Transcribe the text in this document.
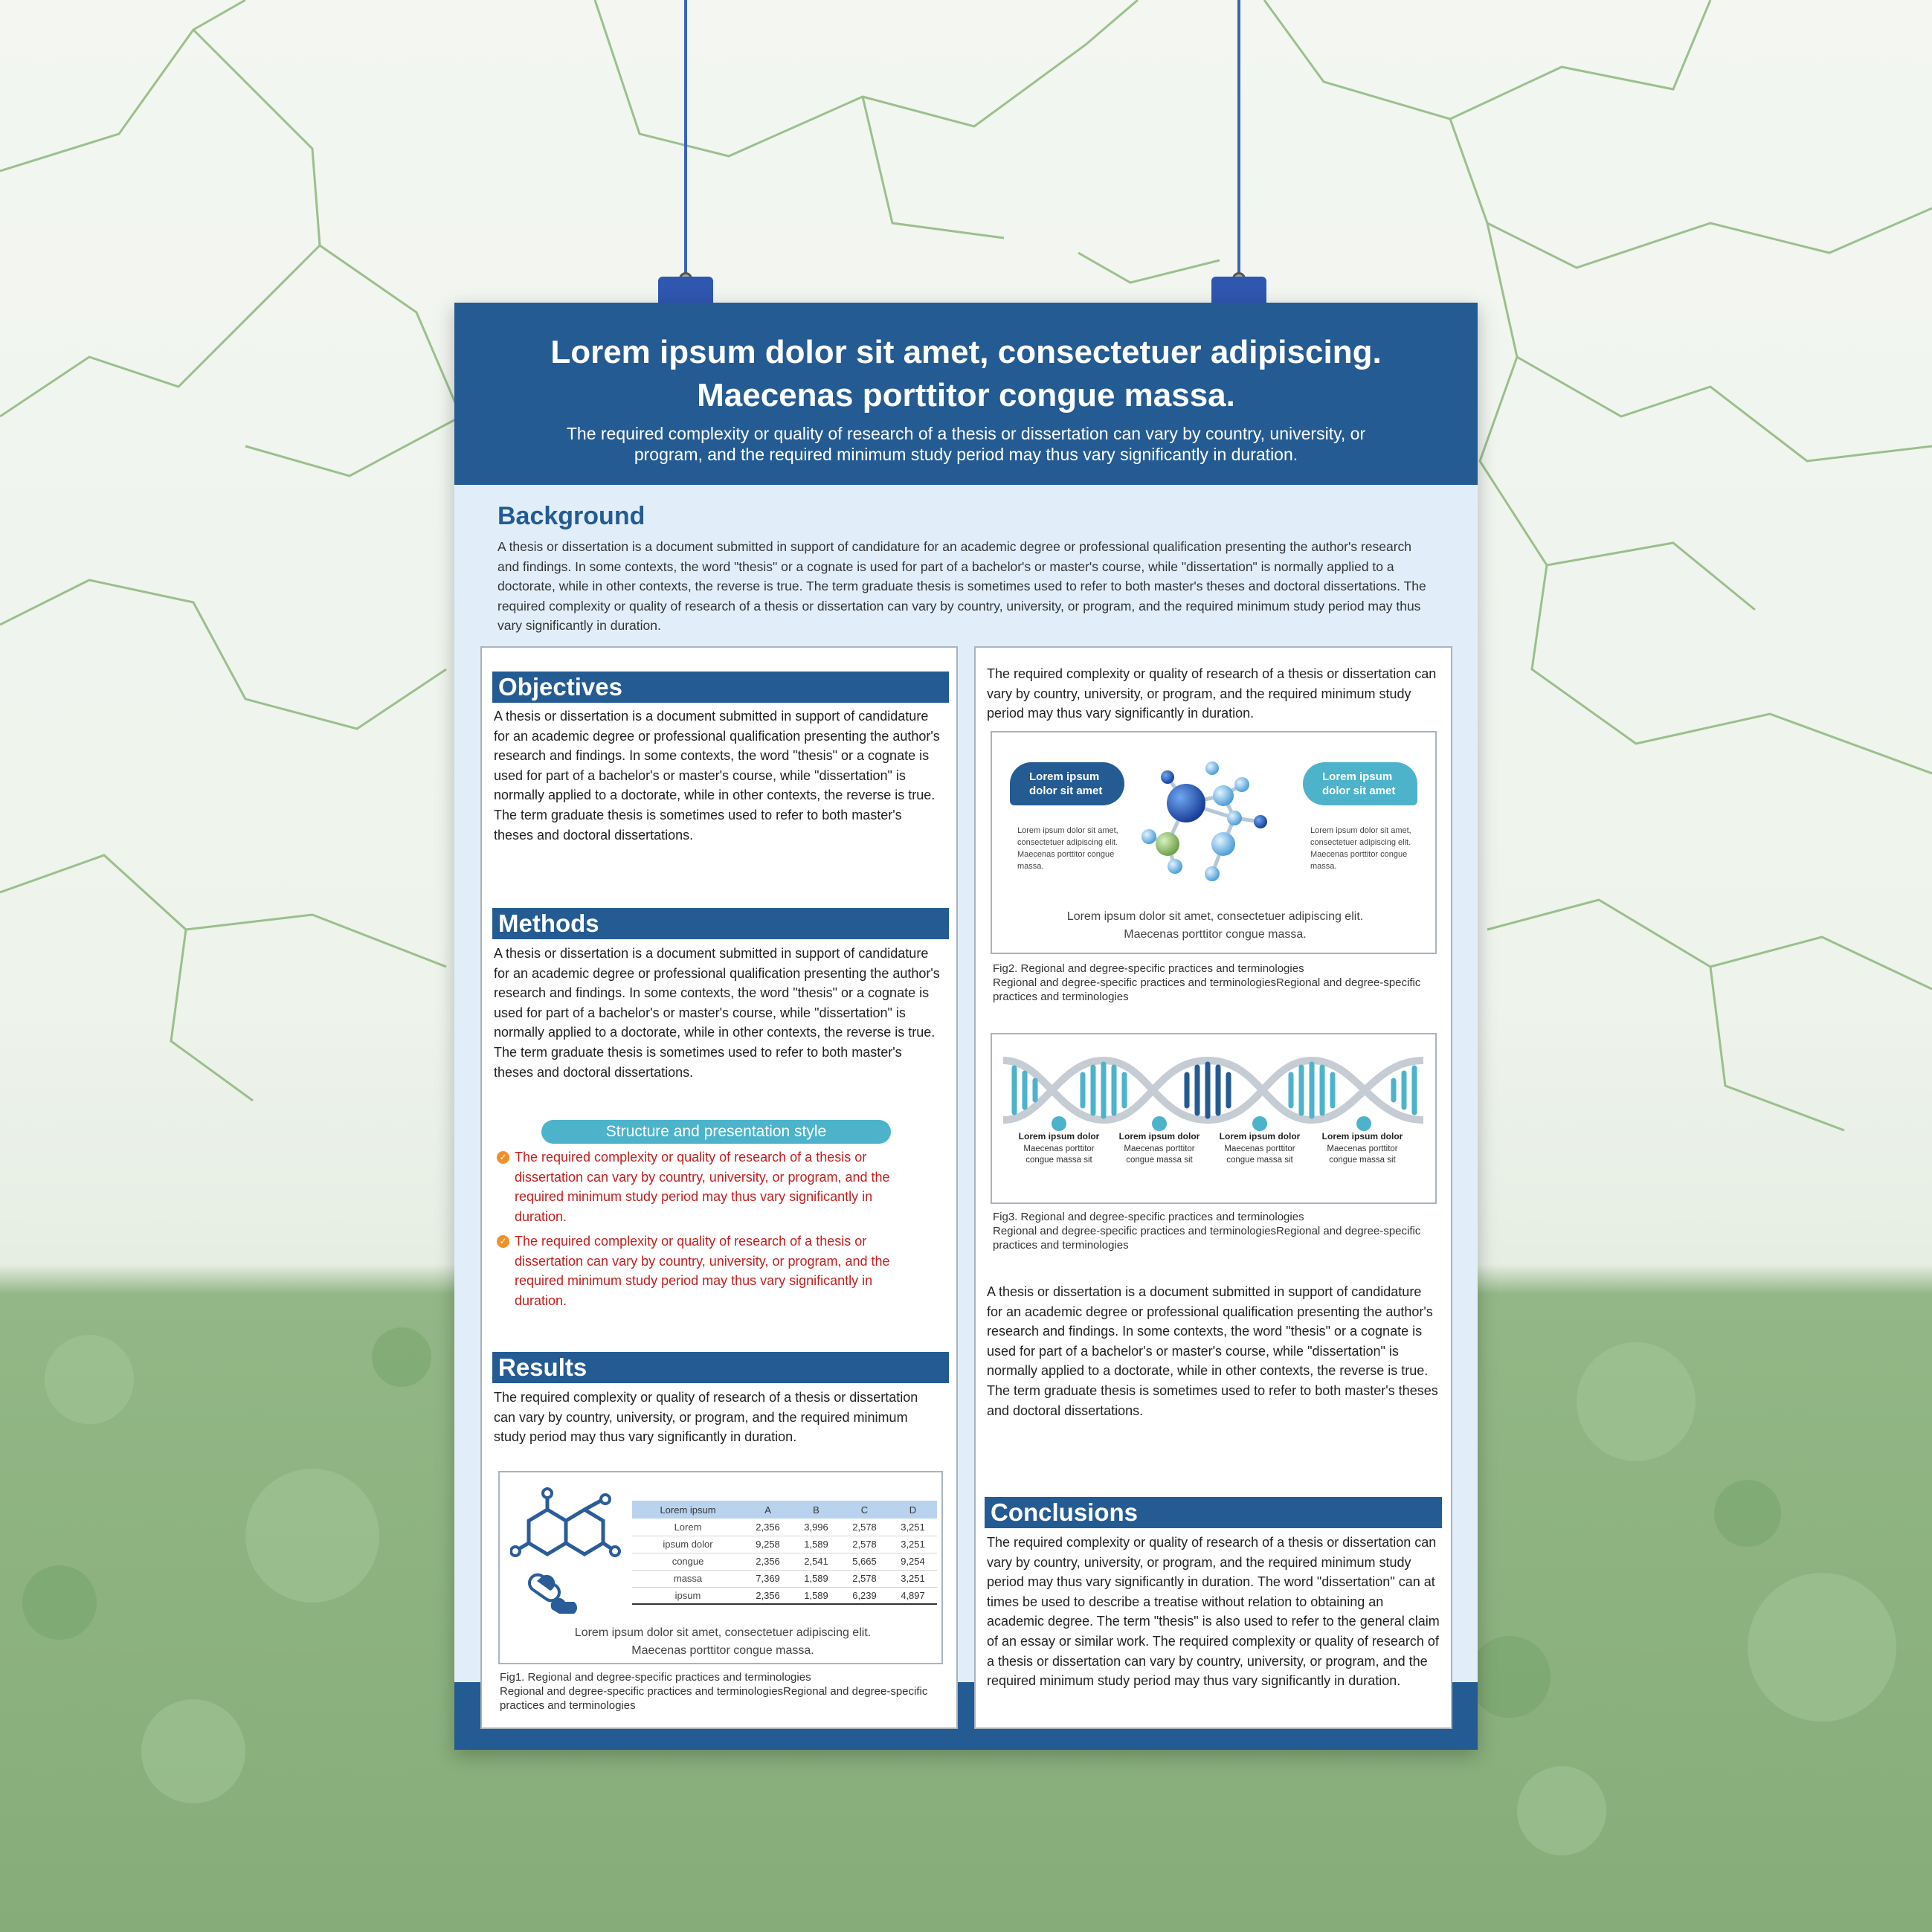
Lorem ipsum dolor sit amet, consectetuer adipiscing. Maecenas porttitor congue massa.
The required complexity or quality of research of a thesis or dissertation can vary by country, university, or program, and the required minimum study period may thus vary significantly in duration.
Background
A thesis or dissertation is a document submitted in support of candidature for an academic degree or professional qualification presenting the author's research and findings. In some contexts, the word "thesis" or a cognate is used for part of a bachelor's or master's course, while "dissertation" is normally applied to a doctorate, while in other contexts, the reverse is true. The term graduate thesis is sometimes used to refer to both master's theses and doctoral dissertations. The required complexity or quality of research of a thesis or dissertation can vary by country, university, or program, and the required minimum study period may thus vary significantly in duration.
Objectives
A thesis or dissertation is a document submitted in support of candidature for an academic degree or professional qualification presenting the author's research and findings. In some contexts, the word "thesis" or a cognate is used for part of a bachelor's or master's course, while "dissertation" is normally applied to a doctorate, while in other contexts, the reverse is true. The term graduate thesis is sometimes used to refer to both master's theses and doctoral dissertations.
Methods
A thesis or dissertation is a document submitted in support of candidature for an academic degree or professional qualification presenting the author's research and findings. In some contexts, the word "thesis" or a cognate is used for part of a bachelor's or master's course, while "dissertation" is normally applied to a doctorate, while in other contexts, the reverse is true. The term graduate thesis is sometimes used to refer to both master's theses and doctoral dissertations.
Structure and presentation style
✓ The required complexity or quality of research of a thesis or dissertation can vary by country, university, or program, and the required minimum study period may thus vary significantly in duration.
✓ The required complexity or quality of research of a thesis or dissertation can vary by country, university, or program, and the required minimum study period may thus vary significantly in duration.
Results
The required complexity or quality of research of a thesis or dissertation can vary by country, university, or program, and the required minimum study period may thus vary significantly in duration.
Lorem ipsum	A	B	C	D
Lorem	2,356	3,996	2,578	3,251
ipsum dolor	9,258	1,589	2,578	3,251
congue	2,356	2,541	5,665	9,254
massa	7,369	1,589	2,578	3,251
ipsum	2,356	1,589	6,239	4,897
Lorem ipsum dolor sit amet, consectetuer adipiscing elit. Maecenas porttitor congue massa.
Fig1. Regional and degree-specific practices and terminologies
Regional and degree-specific practices and terminologiesRegional and degree-specific practices and terminologies
The required complexity or quality of research of a thesis or dissertation can vary by country, university, or program, and the required minimum study period may thus vary significantly in duration.
Lorem ipsum dolor sit amet
Lorem ipsum dolor sit amet
Lorem ipsum dolor sit amet, consectetuer adipiscing elit. Maecenas porttitor congue massa.
Lorem ipsum dolor sit amet, consectetuer adipiscing elit. Maecenas porttitor congue massa.
Lorem ipsum dolor sit amet, consectetuer adipiscing elit. Maecenas porttitor congue massa.
Fig2. Regional and degree-specific practices and terminologies
Regional and degree-specific practices and terminologiesRegional and degree-specific practices and terminologies
Lorem ipsum dolor
Maecenas porttitor congue massa sit
Lorem ipsum dolor
Maecenas porttitor congue massa sit
Lorem ipsum dolor
Maecenas porttitor congue massa sit
Lorem ipsum dolor
Maecenas porttitor congue massa sit
Fig3. Regional and degree-specific practices and terminologies
Regional and degree-specific practices and terminologiesRegional and degree-specific practices and terminologies
A thesis or dissertation is a document submitted in support of candidature for an academic degree or professional qualification presenting the author's research and findings. In some contexts, the word "thesis" or a cognate is used for part of a bachelor's or master's course, while "dissertation" is normally applied to a doctorate, while in other contexts, the reverse is true. The term graduate thesis is sometimes used to refer to both master's theses and doctoral dissertations.
Conclusions
The required complexity or quality of research of a thesis or dissertation can vary by country, university, or program, and the required minimum study period may thus vary significantly in duration. The word "dissertation" can at times be used to describe a treatise without relation to obtaining an academic degree. The term "thesis" is also used to refer to the general claim of an essay or similar work. The required complexity or quality of research of a thesis or dissertation can vary by country, university, or program, and the required minimum study period may thus vary significantly in duration.
